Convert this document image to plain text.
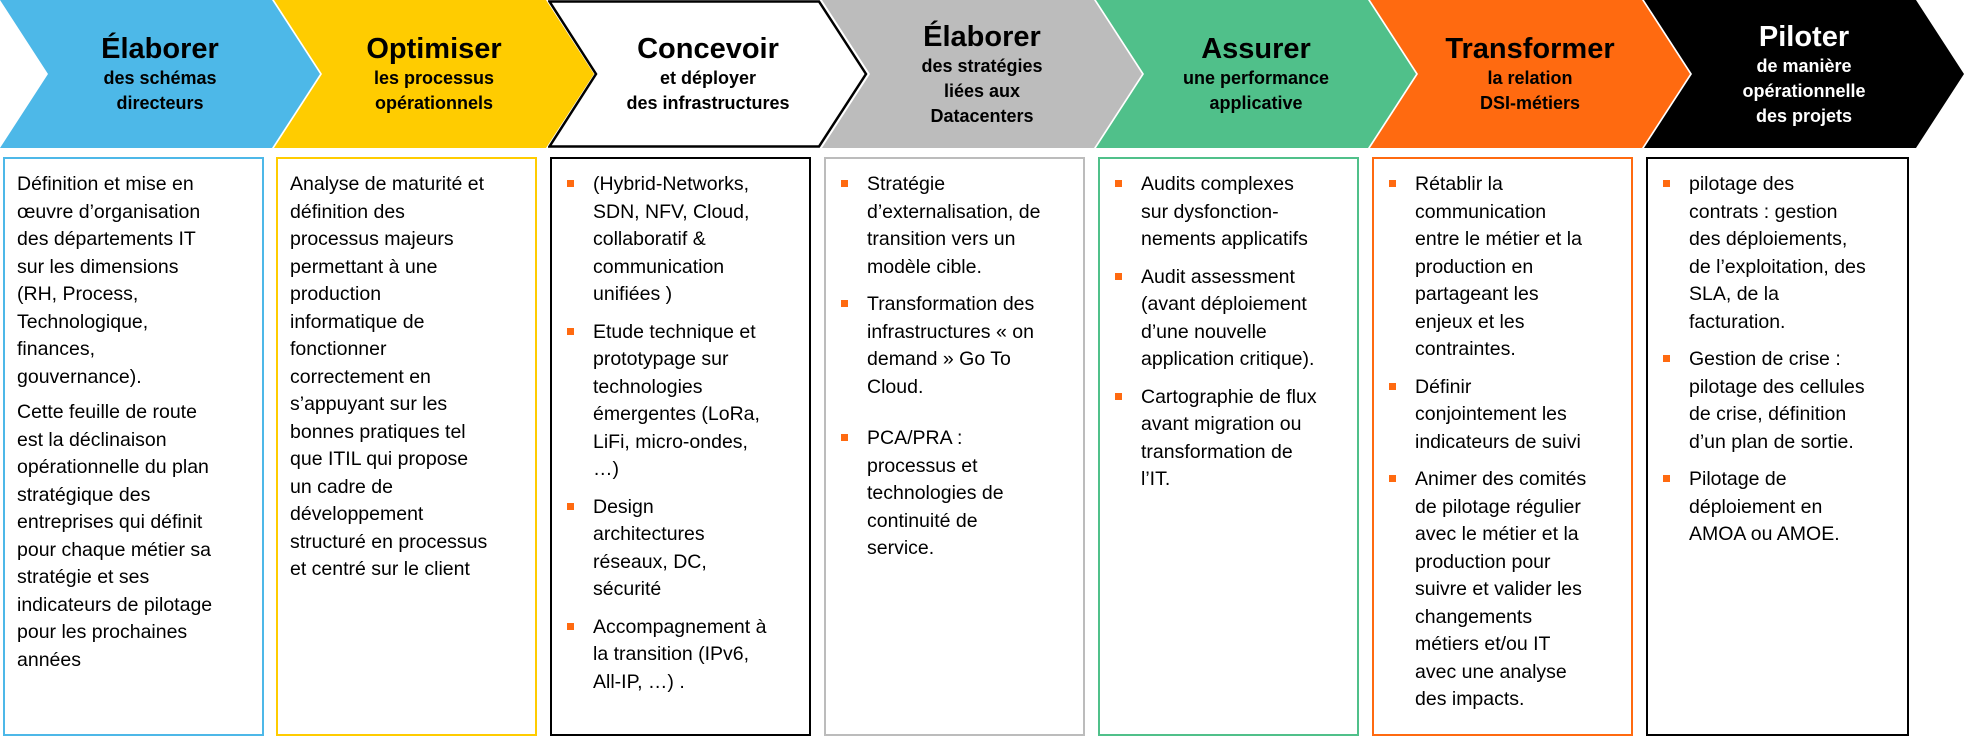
Élaborer
des schémas
directeurs
Optimiser
les processus
opérationnels
Concevoir
et déployer
des infrastructures
Élaborer
des stratégies
liées aux
Datacenters
Assurer
une performance
applicative
Transformer
la relation
DSI-métiers
Piloter
de manière
opérationnelle
des projets
Définition et mise en
œuvre d’organisation
des départements IT
sur les dimensions
(RH, Process,
Technologique,
finances,
gouvernance).
Cette feuille de route
est la déclinaison
opérationnelle du plan
stratégique des
entreprises qui définit
pour chaque métier sa
stratégie et ses
indicateurs de pilotage
pour les prochaines
années
Analyse de maturité et
définition des
processus majeurs
permettant à une
production
informatique de
fonctionner
correctement en
s’appuyant sur les
bonnes pratiques tel
que ITIL qui propose
un cadre de
développement
structuré en processus
et centré sur le client
(Hybrid-Networks,
SDN, NFV, Cloud,
collaboratif &
communication
unifiées )
Etude technique et
prototypage sur
technologies
émergentes (LoRa,
LiFi, micro-ondes,
…)
Design
architectures
réseaux, DC,
sécurité
Accompagnement à
la transition (IPv6,
All-IP, …) .
Stratégie
d’externalisation, de
transition vers un
modèle cible.
Transformation des
infrastructures « on
demand » Go To
Cloud.
PCA/PRA :
processus et
technologies de
continuité de
service.
Audits complexes
sur dysfonction-
nements applicatifs
Audit assessment
(avant déploiement
d’une nouvelle
application critique).
Cartographie de flux
avant migration ou
transformation de
l’IT.
Rétablir la
communication
entre le métier et la
production en
partageant les
enjeux et les
contraintes.
Définir
conjointement les
indicateurs de suivi
Animer des comités
de pilotage régulier
avec le métier et la
production pour
suivre et valider les
changements
métiers et/ou IT
avec une analyse
des impacts.
pilotage des
contrats : gestion
des déploiements,
de l’exploitation, des
SLA, de la
facturation.
Gestion de crise :
pilotage des cellules
de crise, définition
d’un plan de sortie.
Pilotage de
déploiement en
AMOA ou AMOE.
